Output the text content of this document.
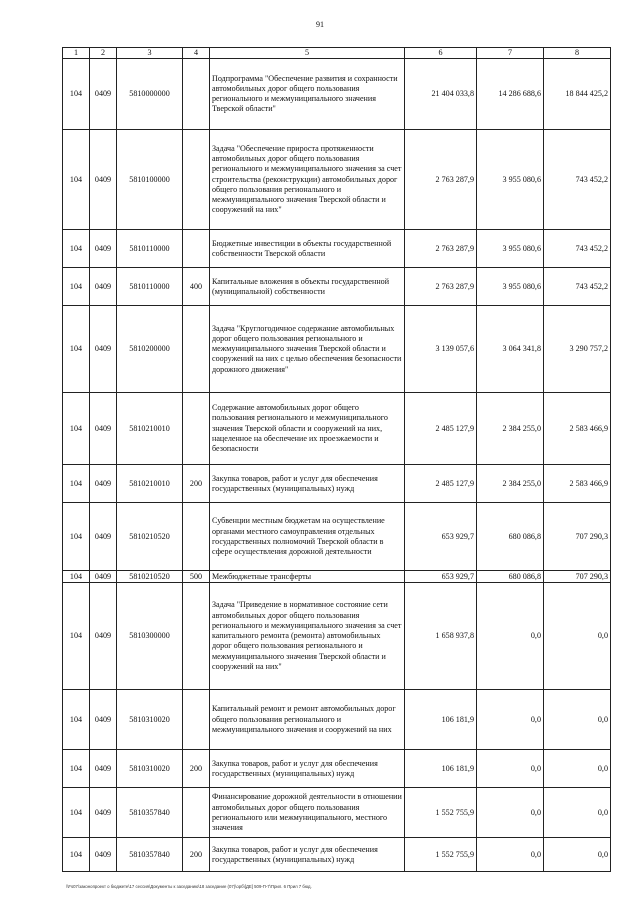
91
1	2	3	4	5	6	7	8
104	0409	5810000000		Подпрограмма "Обеспечение развития и сохранности автомобильных дорог общего пользования регионального и межмуниципального значения Тверской области"	21 404 033,8	14 286 688,6	18 844 425,2
104	0409	5810100000		Задача "Обеспечение прироста протяженности автомобильных дорог общего пользования регионального и межмуниципального значения за счет строительства (реконструкции) автомобильных дорог общего пользования регионального и межмуниципального значения Тверской области и сооружений на них"	2 763 287,9	3 955 080,6	743 452,2
104	0409	5810110000		Бюджетные инвестиции в объекты государственной собственности Тверской области	2 763 287,9	3 955 080,6	743 452,2
104	0409	5810110000	400	Капитальные вложения в объекты государственной (муниципальной) собственности	2 763 287,9	3 955 080,6	743 452,2
104	0409	5810200000		Задача "Круглогодичное содержание автомобильных дорог общего пользования регионального и межмуниципального значения Тверской области и сооружений на них с целью обеспечения безопасности дорожного движения"	3 139 057,6	3 064 341,8	3 290 757,2
104	0409	5810210010		Содержание автомобильных дорог общего пользования регионального и межмуниципального значения Тверской области и сооружений на них, нацеленное на обеспечение их проезжаемости и безопасности	2 485 127,9	2 384 255,0	2 583 466,9
104	0409	5810210010	200	Закупка товаров, работ и услуг для обеспечения государственных (муниципальных) нужд	2 485 127,9	2 384 255,0	2 583 466,9
104	0409	5810210520		Субвенции местным бюджетам на осуществление органами местного самоуправления отдельных государственных полномочий Тверской области в сфере осуществления дорожной деятельности	653 929,7	680 086,8	707 290,3
104	0409	5810210520	500	Межбюджетные трансферты	653 929,7	680 086,8	707 290,3
104	0409	5810300000		Задача "Приведение в нормативное состояние сети автомобильных дорог общего пользования регионального и межмуниципального значения за счет капитального ремонта (ремонта) автомобильных дорог общего пользования регионального и межмуниципального значения Тверской области и сооружений на них"	1 658 937,8	0,0	0,0
104	0409	5810310020		Капитальный ремонт и ремонт автомобильных дорог общего пользования регионального и межмуниципального значения и сооружений на них	106 181,9	0,0	0,0
104	0409	5810310020	200	Закупка товаров, работ и услуг для обеспечения государственных (муниципальных) нужд	106 181,9	0,0	0,0
104	0409	5810357840		Финансирование дорожной деятельности в отношении автомобильных дорог общего пользования регионального или межмуниципального, местного значения	1 552 755,9	0,0	0,0
104	0409	5810357840	200	Закупка товаров, работ и услуг для обеспечения государственных (муниципальных) нужд	1 552 755,9	0,0	0,0
\\Fs07\законопроект о бюджете\17 сессия\Документы к заседанию\18 заседание (07)\орб\[ДЕ] 509-П-7\Прил. 6 Прил 7 бюд.
